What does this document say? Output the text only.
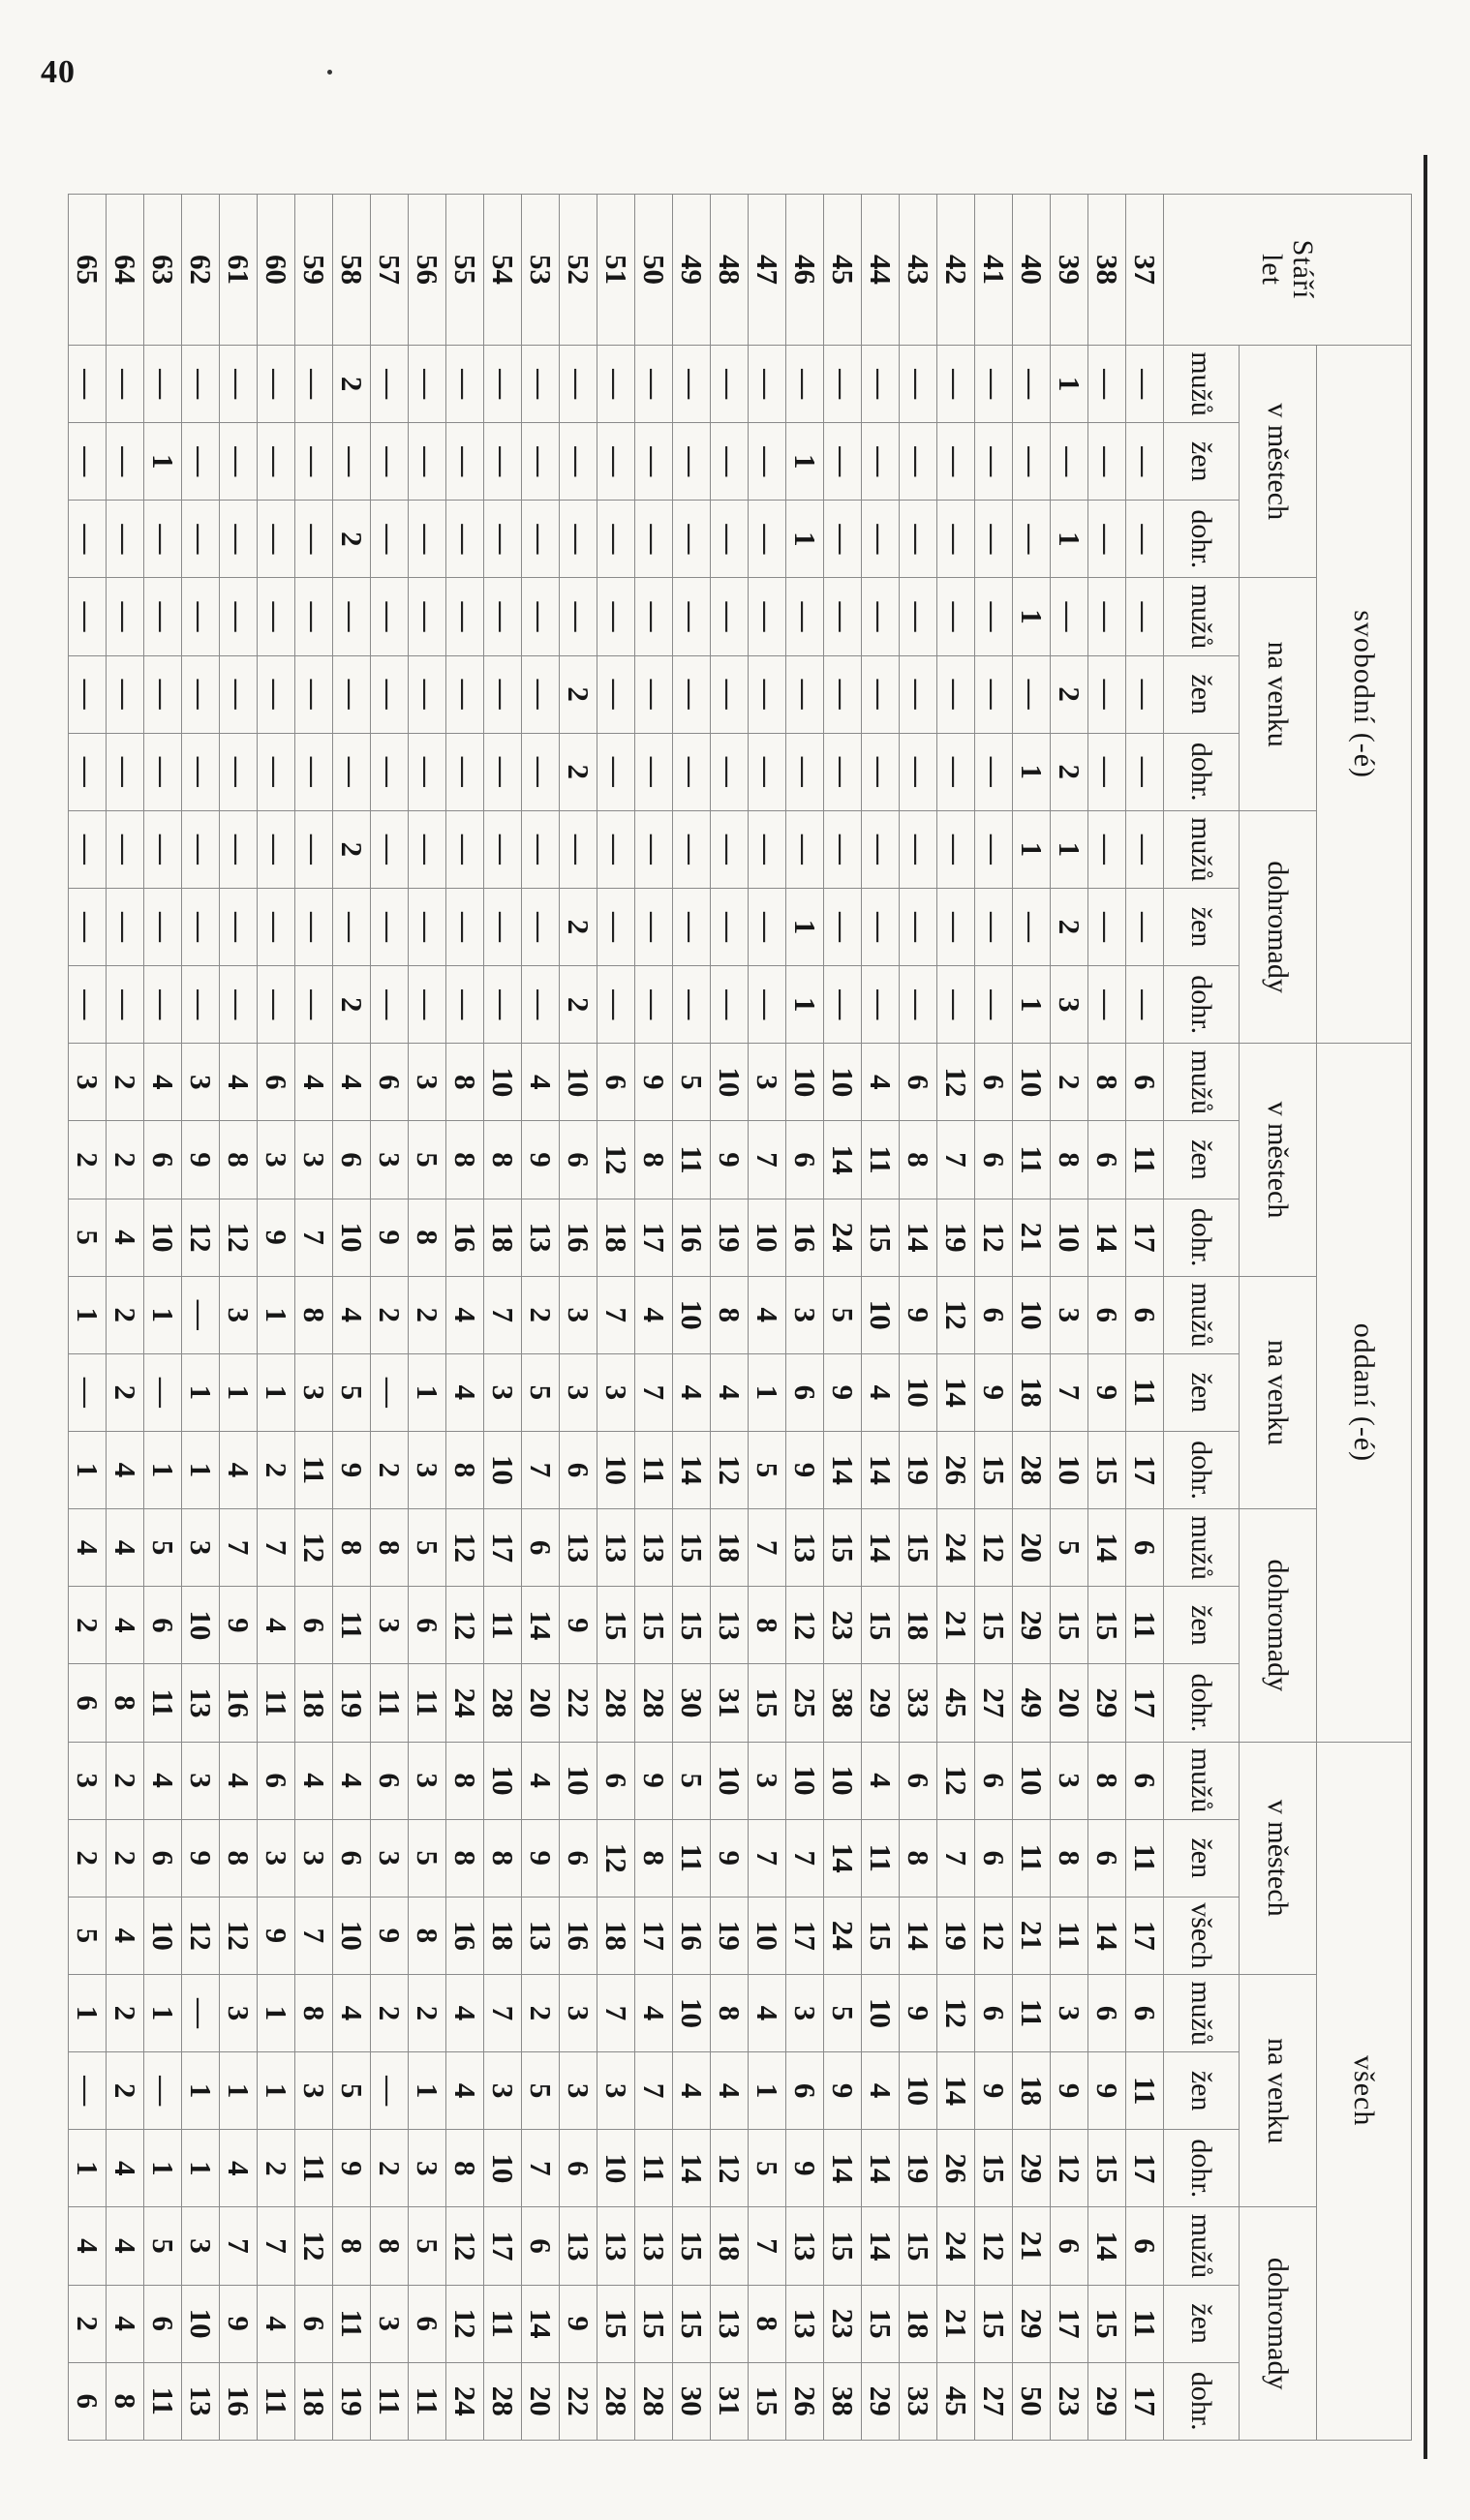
40
Stáří
let	svobodní (-é)									oddaní (-é)									všech								
	v městech			na venku			dohromady			v městech			na venku			dohromady			v městech			na venku			dohromady		
	mužů	žen	dohr.	mužů	žen	dohr.	mužů	žen	dohr.	mužů	žen	dohr.	mužů	žen	dohr.	mužů	žen	dohr.	mužů	žen	všech	mužů	žen	dohr.	mužů	žen	dohr.
37	—	—	—	—	—	—	—	—	—	6	11	17	6	11	17	6	11	17	6	11	17	6	11	17	6	11	17
38	—	—	—	—	—	—	—	—	—	8	6	14	6	9	15	14	15	29	8	6	14	6	9	15	14	15	29
39	1	—	1	—	2	2	1	2	3	2	8	10	3	7	10	5	15	20	3	8	11	3	9	12	6	17	23
40	—	—	—	1	—	1	1	—	1	10	11	21	10	18	28	20	29	49	10	11	21	11	18	29	21	29	50
41	—	—	—	—	—	—	—	—	—	6	6	12	6	9	15	12	15	27	6	6	12	6	9	15	12	15	27
42	—	—	—	—	—	—	—	—	—	12	7	19	12	14	26	24	21	45	12	7	19	12	14	26	24	21	45
43	—	—	—	—	—	—	—	—	—	6	8	14	9	10	19	15	18	33	6	8	14	9	10	19	15	18	33
44	—	—	—	—	—	—	—	—	—	4	11	15	10	4	14	14	15	29	4	11	15	10	4	14	14	15	29
45	—	—	—	—	—	—	—	—	—	10	14	24	5	9	14	15	23	38	10	14	24	5	9	14	15	23	38
46	—	1	1	—	—	—	—	1	1	10	6	16	3	6	9	13	12	25	10	7	17	3	6	9	13	13	26
47	—	—	—	—	—	—	—	—	—	3	7	10	4	1	5	7	8	15	3	7	10	4	1	5	7	8	15
48	—	—	—	—	—	—	—	—	—	10	9	19	8	4	12	18	13	31	10	9	19	8	4	12	18	13	31
49	—	—	—	—	—	—	—	—	—	5	11	16	10	4	14	15	15	30	5	11	16	10	4	14	15	15	30
50	—	—	—	—	—	—	—	—	—	9	8	17	4	7	11	13	15	28	9	8	17	4	7	11	13	15	28
51	—	—	—	—	—	—	—	—	—	6	12	18	7	3	10	13	15	28	6	12	18	7	3	10	13	15	28
52	—	—	—	—	2	2	—	2	2	10	6	16	3	3	6	13	9	22	10	6	16	3	3	6	13	9	22
53	—	—	—	—	—	—	—	—	—	4	9	13	2	5	7	6	14	20	4	9	13	2	5	7	6	14	20
54	—	—	—	—	—	—	—	—	—	10	8	18	7	3	10	17	11	28	10	8	18	7	3	10	17	11	28
55	—	—	—	—	—	—	—	—	—	8	8	16	4	4	8	12	12	24	8	8	16	4	4	8	12	12	24
56	—	—	—	—	—	—	—	—	—	3	5	8	2	1	3	5	6	11	3	5	8	2	1	3	5	6	11
57	—	—	—	—	—	—	—	—	—	6	3	9	2	—	2	8	3	11	6	3	9	2	—	2	8	3	11
58	2	—	2	—	—	—	2	—	2	4	6	10	4	5	9	8	11	19	4	6	10	4	5	9	8	11	19
59	—	—	—	—	—	—	—	—	—	4	3	7	8	3	11	12	6	18	4	3	7	8	3	11	12	6	18
60	—	—	—	—	—	—	—	—	—	6	3	9	1	1	2	7	4	11	6	3	9	1	1	2	7	4	11
61	—	—	—	—	—	—	—	—	—	4	8	12	3	1	4	7	9	16	4	8	12	3	1	4	7	9	16
62	—	—	—	—	—	—	—	—	—	3	9	12	—	1	1	3	10	13	3	9	12	—	1	1	3	10	13
63	—	1	—	—	—	—	—	—	—	4	6	10	1	—	1	5	6	11	4	6	10	1	—	1	5	6	11
64	—	—	—	—	—	—	—	—	—	2	2	4	2	2	4	4	4	8	2	2	4	2	2	4	4	4	8
65	—	—	—	—	—	—	—	—	—	3	2	5	1	—	1	4	2	6	3	2	5	1	—	1	4	2	6
